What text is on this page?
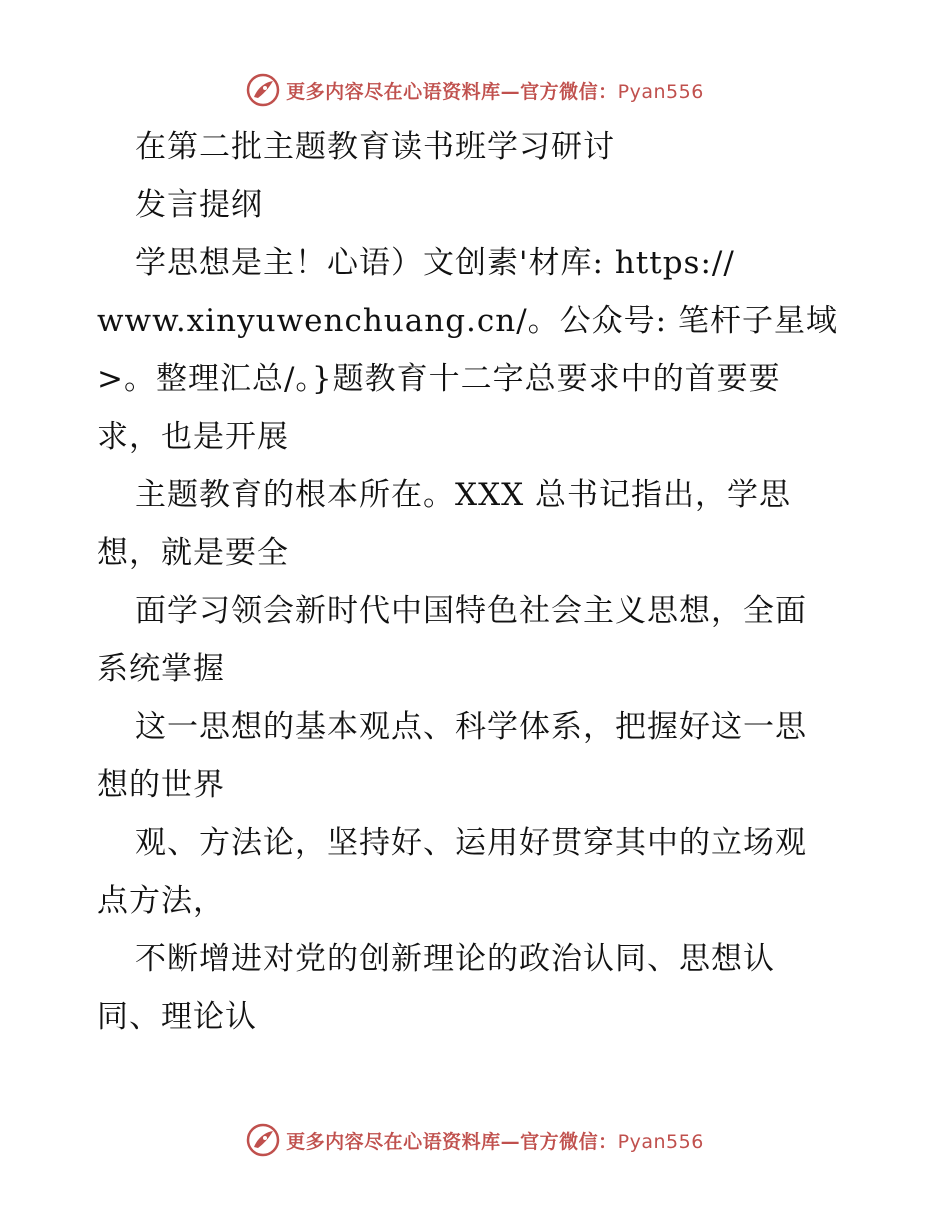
更多内容尽在心语资料库—官方微信：Pyan556
在第二批主题教育读书班学习研讨
发言提纲
学思想是主！心语）文创素'材库: https://
www.xinyuwenchuang.cn/。公众号: 笔杆子星域
>。整理汇总/。}题教育十二字总要求中的首要要
求，也是开展
主题教育的根本所在。XXX 总书记指出，学思
想，就是要全
面学习领会新时代中国特色社会主义思想，全面
系统掌握
这一思想的基本观点、科学体系，把握好这一思
想的世界
观、方法论，坚持好、运用好贯穿其中的立场观
点方法，
不断增进对党的创新理论的政治认同、思想认
同、理论认
更多内容尽在心语资料库—官方微信：Pyan556
